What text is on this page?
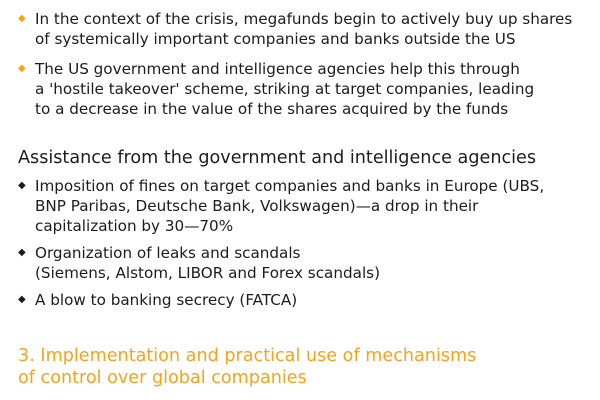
◆ In the context of the crisis, megafunds begin to actively buy up shares
of systemically important companies and banks outside the US
◆ The US government and intelligence agencies help this through
a 'hostile takeover' scheme, striking at target companies, leading
to a decrease in the value of the shares acquired by the funds
Assistance from the government and intelligence agencies
◆ Imposition of fines on target companies and banks in Europe (UBS,
BNP Paribas, Deutsche Bank, Volkswagen)—a drop in their
capitalization by 30—70%
◆ Organization of leaks and scandals
(Siemens, Alstom, LIBOR and Forex scandals)
◆ A blow to banking secrecy (FATCA)
3. Implementation and practical use of mechanisms
of control over global companies
